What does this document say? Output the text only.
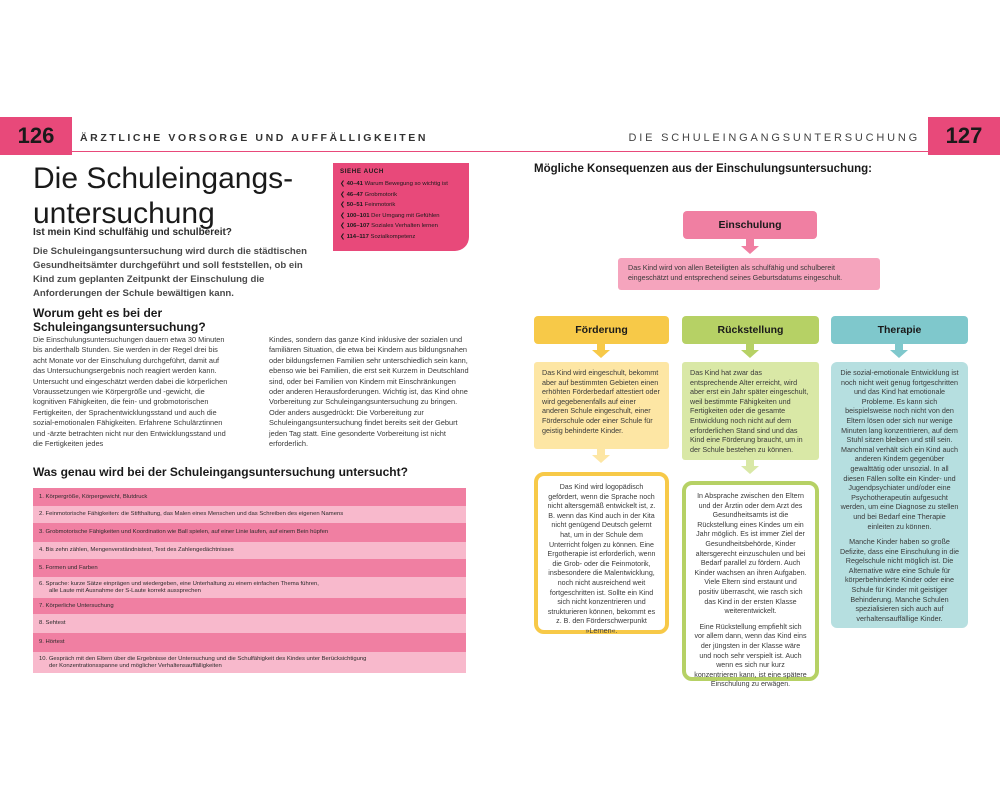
126	ÄRZTLICHE VORSORGE UND AUFFÄLLIGKEITEN
Die Schuleingangs-
untersuchung
Ist mein Kind schulfähig und schulbereit?
Die Schuleingangsuntersuchung wird durch die städtischen Gesundheitsämter durchgeführt und soll feststellen, ob ein Kind zum geplanten Zeitpunkt der Einschulung die Anforderungen der Schule bewältigen kann.
SIEHE AUCH
❮ 40–41 Warum Bewegung so wichtig ist
❮ 46–47 Grobmotorik
❮ 50–51 Feinmotorik
❮ 100–101 Der Umgang mit Gefühlen
❮ 106–107 Soziales Verhalten lernen
❮ 114–117 Sozialkompetenz
Worum geht es bei der Schuleingangsuntersuchung?
Die Einschulungsuntersuchungen dauern etwa 30 Minuten bis anderthalb Stunden. Sie werden in der Regel drei bis acht Monate vor der Einschulung durchgeführt, damit auf das Untersuchungsergebnis noch reagiert werden kann. Untersucht und eingeschätzt werden dabei die körperlichen Voraussetzungen wie Körpergröße und -gewicht, die kognitiven Fähigkeiten, die fein- und grobmotorischen Fertigkeiten, der Sprachentwicklungsstand und auch die sozial-emotionalen Fähigkeiten. Erfahrene Schulärztinnen und -ärzte betrachten nicht nur den Entwicklungsstand und die Fertigkeiten jedes
Kindes, sondern das ganze Kind inklusive der sozialen und familiären Situation, die etwa bei Kindern aus bildungsnahen oder bildungsfernen Familien sehr unterschiedlich sein kann, ebenso wie bei Familien, die erst seit Kurzem in Deutschland sind, oder bei Familien von Kindern mit Einschränkungen oder anderen Herausforderungen. Wichtig ist, das Kind ohne Vorbereitung zur Schuleingangsuntersuchung zu bringen. Oder anders ausgedrückt: Die Vorbereitung zur Schuleingangsuntersuchung findet bereits seit der Geburt jeden Tag statt. Eine gesonderte Vorbereitung ist nicht erforderlich.
Was genau wird bei der Schuleingangsuntersuchung untersucht?
1. Körpergröße, Körpergewicht, Blutdruck
2. Feinmotorische Fähigkeiten: die Stifthaltung, das Malen eines Menschen und das Schreiben des eigenen Namens
3. Grobmotorische Fähigkeiten und Koordination wie Ball spielen, auf einer Linie laufen, auf einem Bein hüpfen
4. Bis zehn zählen, Mengenverständnistest, Test des Zahlengedächtnisses
5. Formen und Farben
6. Sprache: kurze Sätze einprägen und wiedergeben, eine Unterhaltung zu einem einfachen Thema führen,
alle Laute mit Ausnahme der S-Laute korrekt aussprechen
7. Körperliche Untersuchung
8. Sehtest
9. Hörtest
10. Gespräch mit den Eltern über die Ergebnisse der Untersuchung und die Schulfähigkeit des Kindes unter Berücksichtigung
der Konzentrationsspanne und möglicher Verhaltensauffälligkeiten
DIE SCHULEINGANGSUNTERSUCHUNG	127
Mögliche Konsequenzen aus der Einschulungsuntersuchung:
Einschulung
Das Kind wird von allen Beteiligten als schulfähig und schulbereit eingeschätzt und entsprechend seines Geburtsdatums eingeschult.
Förderung
Das Kind wird eingeschult, bekommt aber auf bestimmten Gebieten einen erhöhten Förderbedarf attestiert oder wird gegebenenfalls auf einer anderen Schule eingeschult, einer Förderschule oder einer Schule für geistig behinderte Kinder.
Das Kind wird logopädisch gefördert, wenn die Sprache noch nicht altersgemäß entwickelt ist, z. B. wenn das Kind auch in der Kita nicht genügend Deutsch gelernt hat, um in der Schule dem Unterricht folgen zu können. Eine Ergotherapie ist erforderlich, wenn die Grob- oder die Feinmotorik, insbesondere die Malentwicklung, noch nicht ausreichend weit fortgeschritten ist. Sollte ein Kind sich nicht konzentrieren und strukturieren können, bekommt es z. B. den Förderschwerpunkt »Lernen«.
Rückstellung
Das Kind hat zwar das entsprechende Alter erreicht, wird aber erst ein Jahr später eingeschult, weil bestimmte Fähigkeiten und Fertigkeiten oder die gesamte Entwicklung noch nicht auf dem erforderlichen Stand sind und das Kind eine Förderung braucht, um in der Schule bestehen zu können.
In Absprache zwischen den Eltern und der Ärztin oder dem Arzt des Gesundheitsamts ist die Rückstellung eines Kindes um ein Jahr möglich. Es ist immer Ziel der Gesundheitsbehörde, Kinder altersgerecht einzuschulen und bei Bedarf parallel zu fördern. Auch Kinder wachsen an ihren Aufgaben. Viele Eltern sind erstaunt und positiv überrascht, wie rasch sich das Kind in der ersten Klasse weiterentwickelt.
Eine Rückstellung empfiehlt sich vor allem dann, wenn das Kind eins der jüngsten in der Klasse wäre und noch sehr verspielt ist. Auch wenn es sich nur kurz konzentrieren kann, ist eine spätere Einschulung zu erwägen.
Therapie
Die sozial-emotionale Entwicklung ist noch nicht weit genug fortgeschritten und das Kind hat emotionale Probleme. Es kann sich beispielsweise noch nicht von den Eltern lösen oder sich nur wenige Minuten lang konzentrieren, auf dem Stuhl sitzen bleiben und still sein. Manchmal verhält sich ein Kind auch anderen Kindern gegenüber gewalttätig oder unsozial. In all diesen Fällen sollte ein Kinder- und Jugendpsychiater und/oder eine Psychotherapeutin aufgesucht werden, um eine Diagnose zu stellen und bei Bedarf eine Therapie einleiten zu können.
Manche Kinder haben so große Defizite, dass eine Einschulung in die Regelschule nicht möglich ist. Die Alternative wäre eine Schule für körperbehinderte Kinder oder eine Schule für Kinder mit geistiger Behinderung. Manche Schulen spezialisieren sich auch auf verhaltensauffällige Kinder.
